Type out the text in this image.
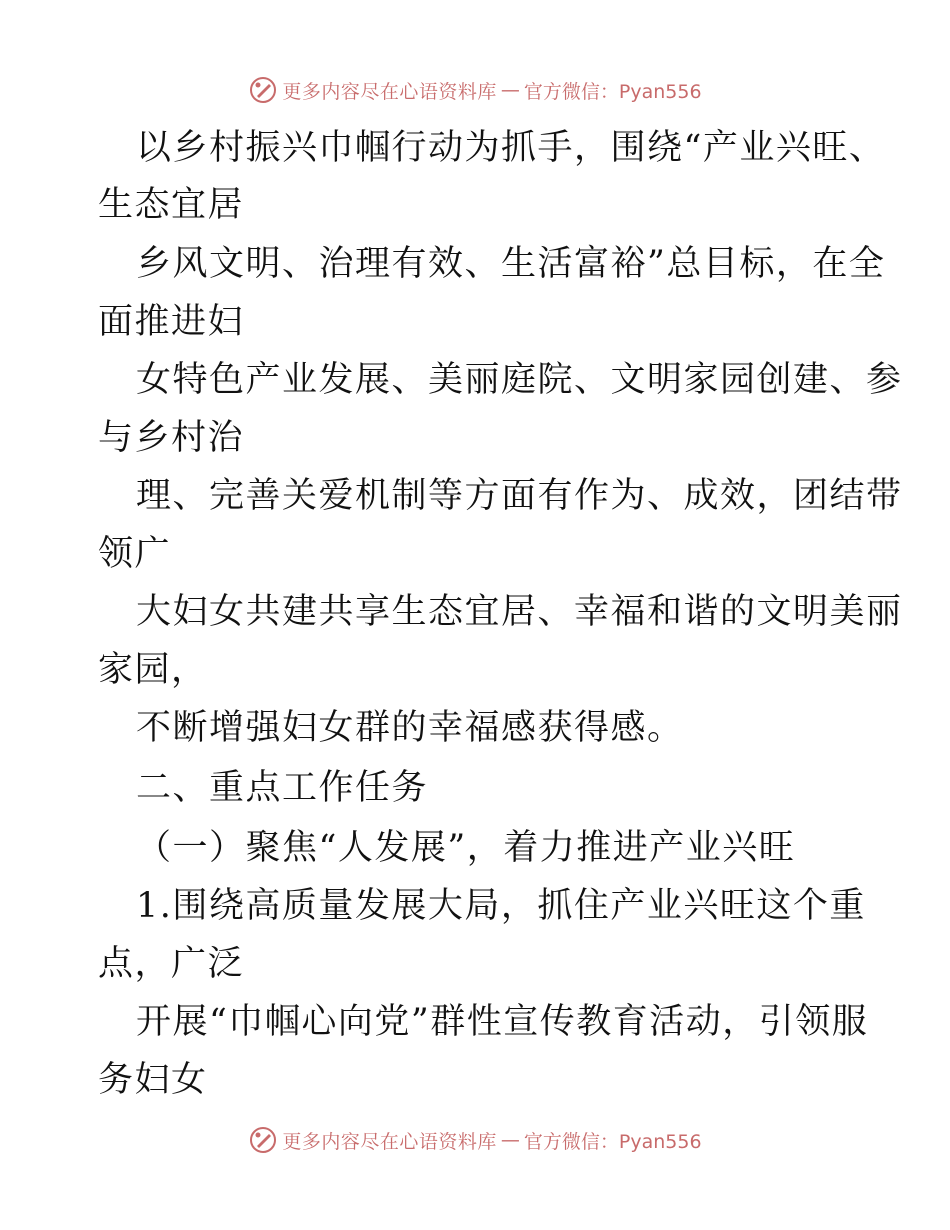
更多内容尽在心语资料库 — 官方微信：Pyan556
以乡村振兴巾帼行动为抓手，围绕“产业兴旺、
生态宜居
乡风文明、治理有效、生活富裕”总目标，在全
面推进妇
女特色产业发展、美丽庭院、文明家园创建、参
与乡村治
理、完善关爱机制等方面有作为、成效，团结带
领广
大妇女共建共享生态宜居、幸福和谐的文明美丽
家园，
不断增强妇女群的幸福感获得感。
二、重点工作任务
（一）聚焦“人发展”，着力推进产业兴旺
1.围绕高质量发展大局，抓住产业兴旺这个重
点，广泛
开展“巾帼心向党”群性宣传教育活动，引领服
务妇女
更多内容尽在心语资料库 — 官方微信：Pyan556
